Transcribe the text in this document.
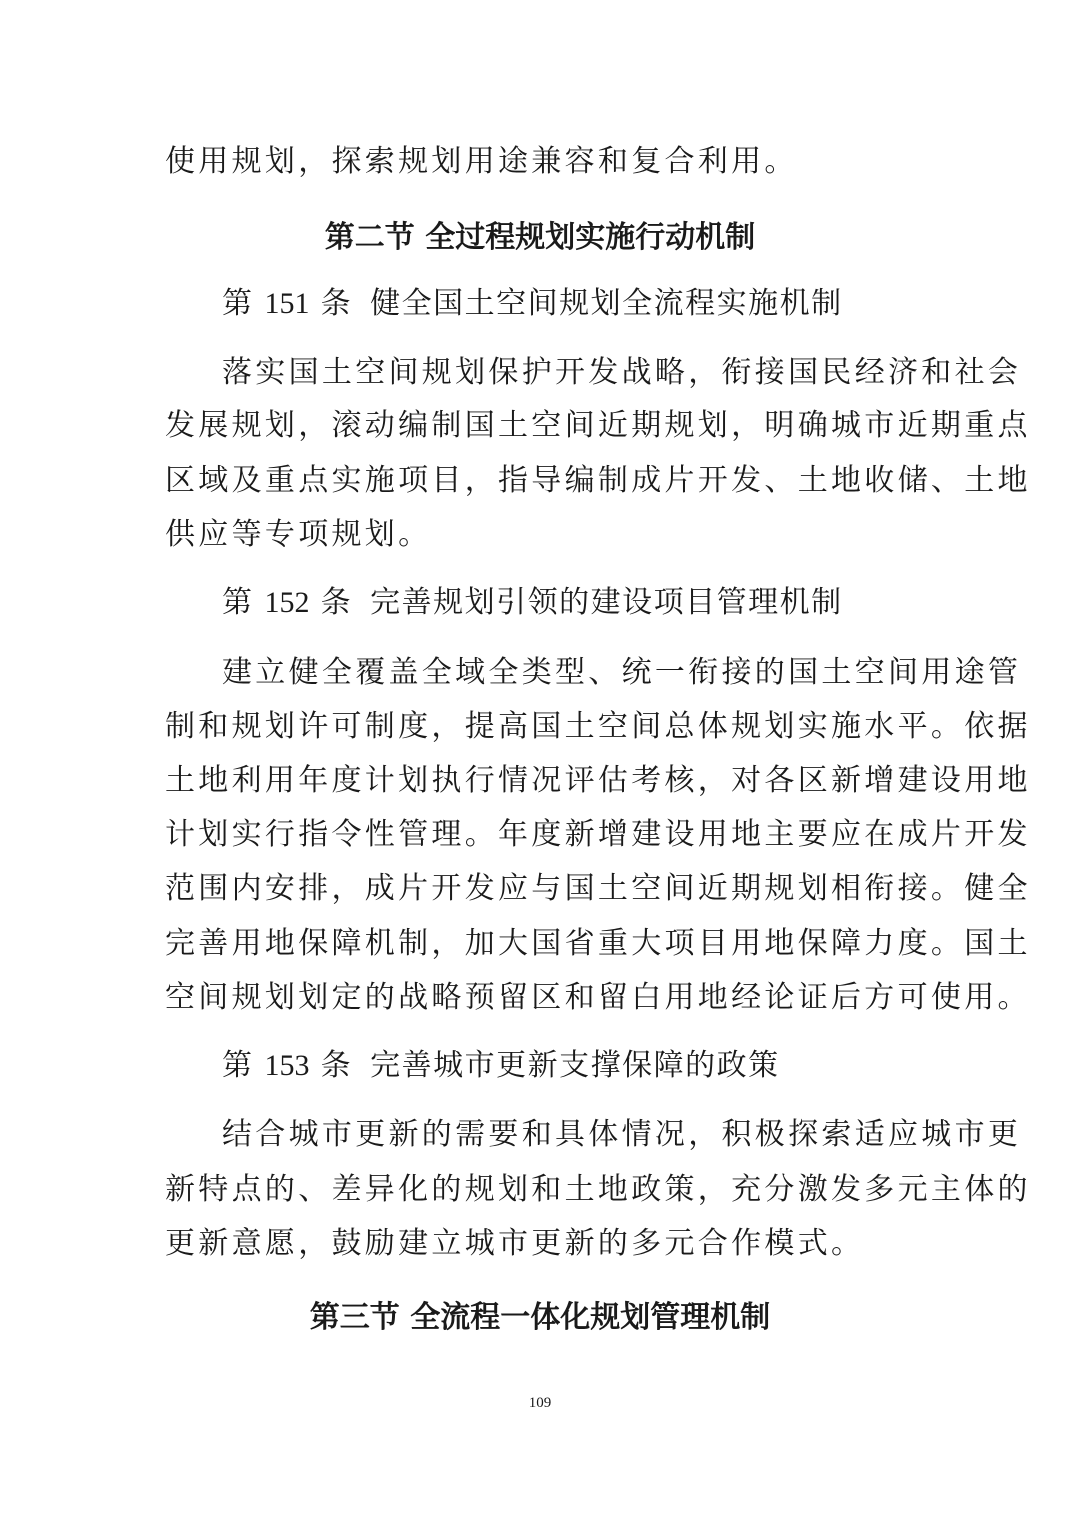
使用规划，探索规划用途兼容和复合利用。
第二节 全过程规划实施行动机制
第 151 条 健全国土空间规划全流程实施机制
落实国土空间规划保护开发战略，衔接国民经济和社会
发展规划，滚动编制国土空间近期规划，明确城市近期重点
区域及重点实施项目，指导编制成片开发、土地收储、土地
供应等专项规划。
第 152 条 完善规划引领的建设项目管理机制
建立健全覆盖全域全类型、统一衔接的国土空间用途管
制和规划许可制度，提高国土空间总体规划实施水平。依据
土地利用年度计划执行情况评估考核，对各区新增建设用地
计划实行指令性管理。年度新增建设用地主要应在成片开发
范围内安排，成片开发应与国土空间近期规划相衔接。健全
完善用地保障机制，加大国省重大项目用地保障力度。国土
空间规划划定的战略预留区和留白用地经论证后方可使用。
第 153 条 完善城市更新支撑保障的政策
结合城市更新的需要和具体情况，积极探索适应城市更
新特点的、差异化的规划和土地政策，充分激发多元主体的
更新意愿，鼓励建立城市更新的多元合作模式。
第三节 全流程一体化规划管理机制
109
